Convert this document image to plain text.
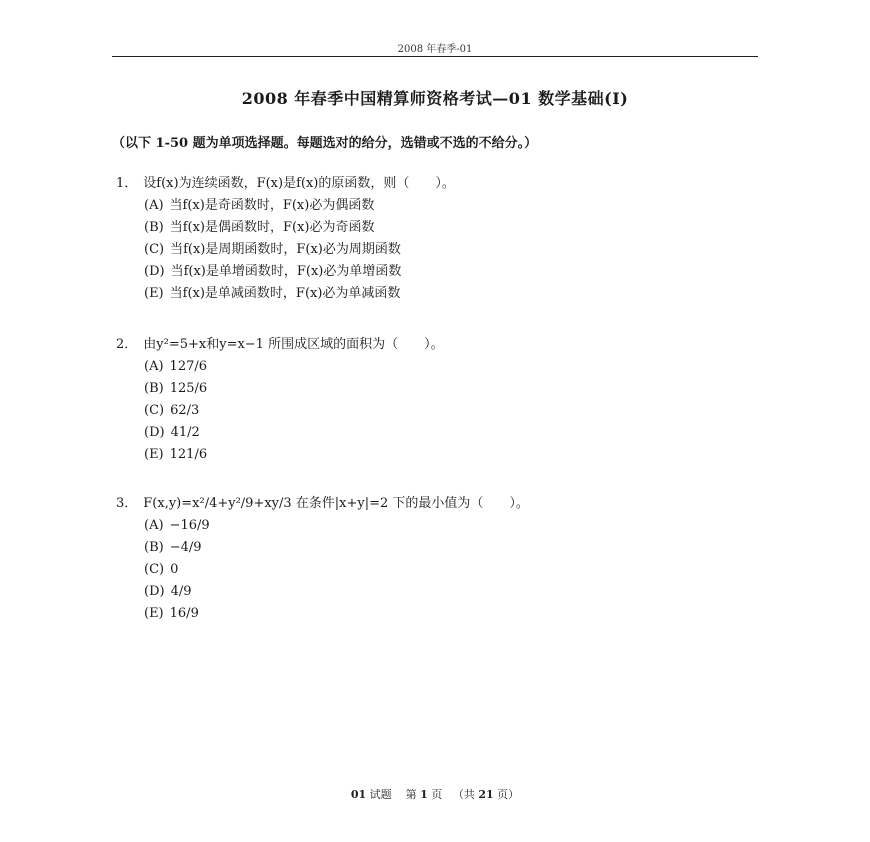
2008 年春季-01
2008 年春季中国精算师资格考试—01 数学基础(Ⅰ)
（以下 1-50 题为单项选择题。每题选对的给分，选错或不选的不给分。）
1． 设f(x)为连续函数，F(x)是f(x)的原函数，则（　　）。
(A) 当f(x)是奇函数时，F(x)必为偶函数
(B) 当f(x)是偶函数时，F(x)必为奇函数
(C) 当f(x)是周期函数时，F(x)必为周期函数
(D) 当f(x)是单增函数时，F(x)必为单增函数
(E) 当f(x)是单减函数时，F(x)必为单减函数
2． 由y²=5+x和y=x−1 所围成区域的面积为（　　）。
(A) 127/6
(B) 125/6
(C) 62/3
(D) 41/2
(E) 121/6
3． F(x,y)=x²/4+y²/9+xy/3 在条件|x+y|=2 下的最小值为（　　）。
(A) −16/9
(B) −4/9
(C) 0
(D) 4/9
(E) 16/9
01 试题 第 1 页 （共 21 页）
